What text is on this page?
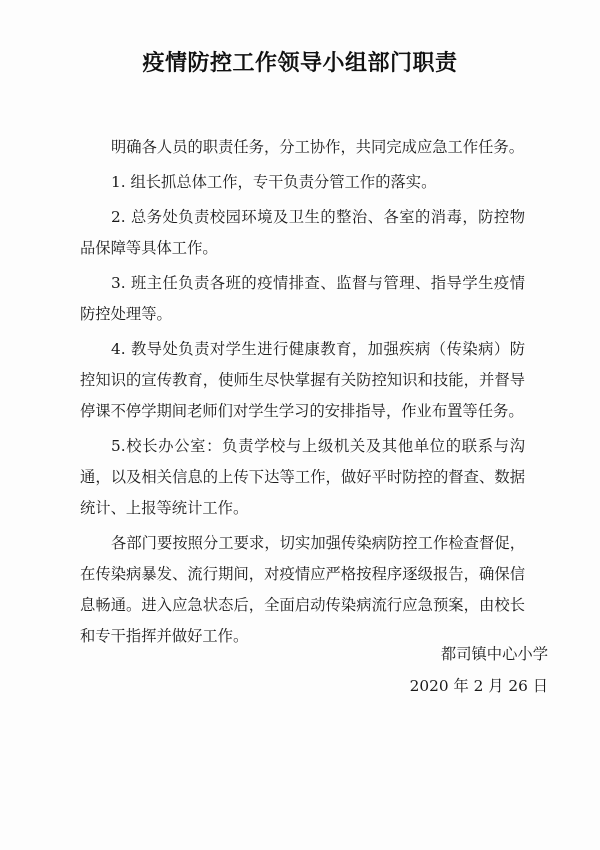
疫情防控工作领导小组部门职责

明确各人员的职责任务，分工协作，共同完成应急工作任务。

1. 组长抓总体工作，专干负责分管工作的落实。

2. 总务处负责校园环境及卫生的整治、各室的消毒，防控物品保障等具体工作。

3. 班主任负责各班的疫情排查、监督与管理、指导学生疫情防控处理等。

4. 教导处负责对学生进行健康教育，加强疾病（传染病）防控知识的宣传教育，使师生尽快掌握有关防控知识和技能，并督导停课不停学期间老师们对学生学习的安排指导，作业布置等任务。

5.校长办公室：负责学校与上级机关及其他单位的联系与沟通，以及相关信息的上传下达等工作，做好平时防控的督查、数据统计、上报等统计工作。

各部门要按照分工要求，切实加强传染病防控工作检查督促， 在传染病暴发、流行期间，对疫情应严格按程序逐级报告，确保信息畅通。进入应急状态后，全面启动传染病流行应急预案，由校长和专干指挥并做好工作。

都司镇中心小学
2020 年 2 月 26 日
